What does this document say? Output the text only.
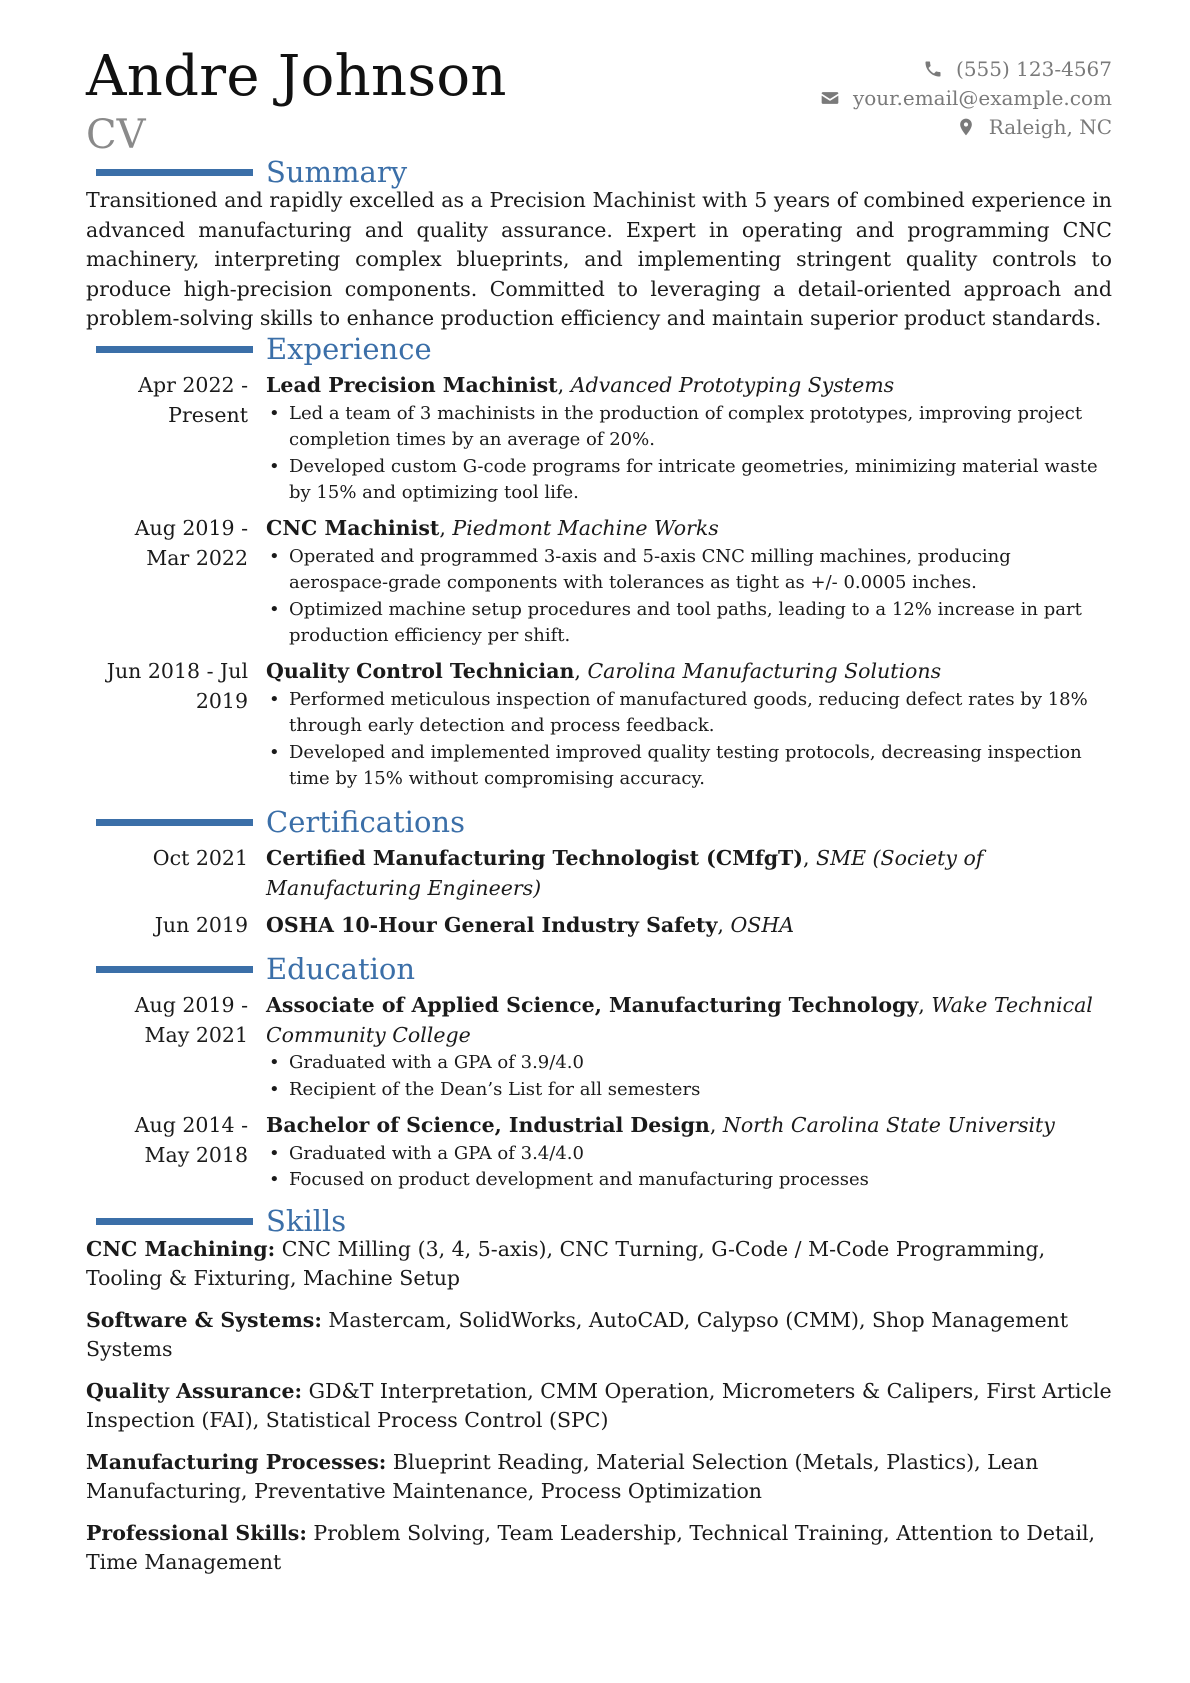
Andre Johnson
CV
(555) 123-4567
your.email@example.com
Raleigh, NC
Summary
Transitioned and rapidly excelled as a Precision Machinist with 5 years of combined experience in advanced manufacturing and quality assurance. Expert in operating and programming CNC machinery, interpreting complex blueprints, and implementing stringent quality controls to produce high-precision components. Committed to leveraging a detail-oriented approach and problem-solving skills to enhance production efficiency and maintain superior product standards.
Experience
Apr 2022 - Present
Lead Precision Machinist, Advanced Prototyping Systems
• Led a team of 3 machinists in the production of complex prototypes, improving project completion times by an average of 20%.
• Developed custom G-code programs for intricate geometries, minimizing material waste by 15% and optimizing tool life.
Aug 2019 - Mar 2022
CNC Machinist, Piedmont Machine Works
• Operated and programmed 3-axis and 5-axis CNC milling machines, producing aerospace-grade components with tolerances as tight as +/- 0.0005 inches.
• Optimized machine setup procedures and tool paths, leading to a 12% increase in part production efficiency per shift.
Jun 2018 - Jul 2019
Quality Control Technician, Carolina Manufacturing Solutions
• Performed meticulous inspection of manufactured goods, reducing defect rates by 18% through early detection and process feedback.
• Developed and implemented improved quality testing protocols, decreasing inspection time by 15% without compromising accuracy.
Certifications
Oct 2021 Certified Manufacturing Technologist (CMfgT), SME (Society of Manufacturing Engineers)
Jun 2019 OSHA 10-Hour General Industry Safety, OSHA
Education
Aug 2019 - May 2021
Associate of Applied Science, Manufacturing Technology, Wake Technical Community College
• Graduated with a GPA of 3.9/4.0
• Recipient of the Dean’s List for all semesters
Aug 2014 - May 2018
Bachelor of Science, Industrial Design, North Carolina State University
• Graduated with a GPA of 3.4/4.0
• Focused on product development and manufacturing processes
Skills
CNC Machining: CNC Milling (3, 4, 5-axis), CNC Turning, G-Code / M-Code Programming, Tooling & Fixturing, Machine Setup
Software & Systems: Mastercam, SolidWorks, AutoCAD, Calypso (CMM), Shop Management Systems
Quality Assurance: GD&T Interpretation, CMM Operation, Micrometers & Calipers, First Article Inspection (FAI), Statistical Process Control (SPC)
Manufacturing Processes: Blueprint Reading, Material Selection (Metals, Plastics), Lean Manufacturing, Preventative Maintenance, Process Optimization
Professional Skills: Problem Solving, Team Leadership, Technical Training, Attention to Detail, Time Management
